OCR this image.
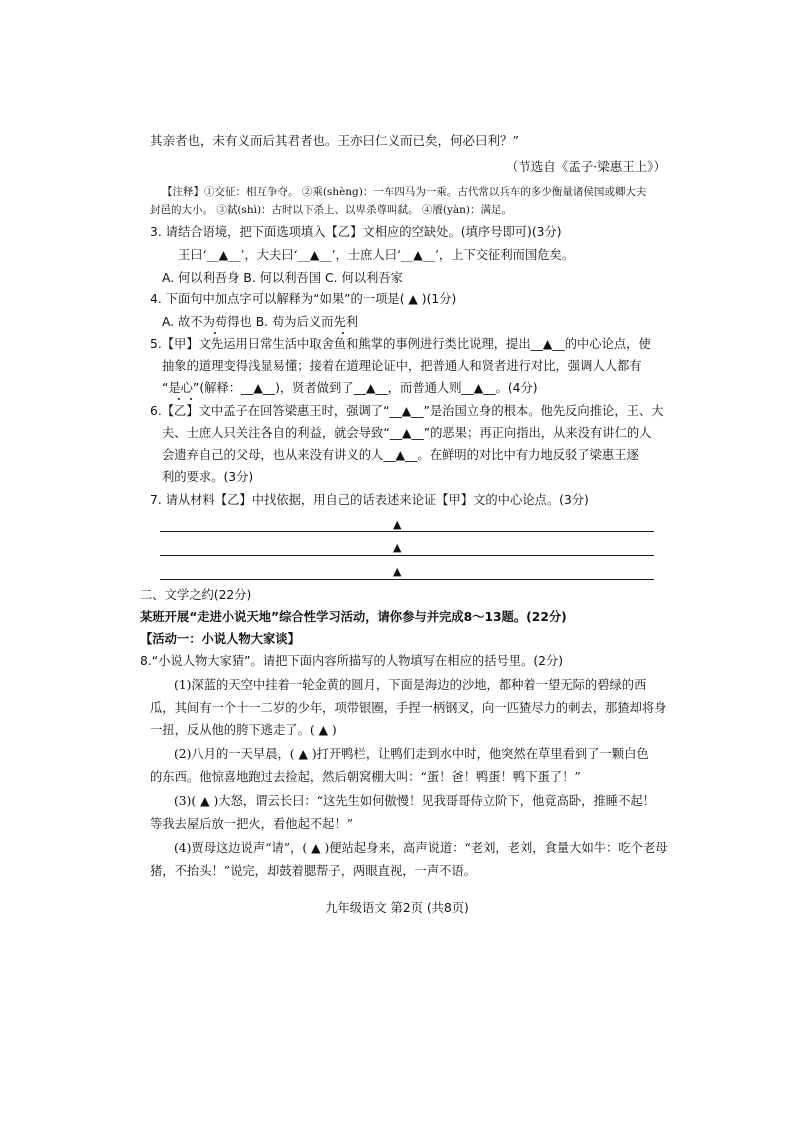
其亲者也，未有义而后其君者也。王亦曰仁义而已矣，何必曰利？”
（节选自《孟子·梁惠王上》）
【注释】①交征：相互争夺。 ②乘(shèng)：一车四马为一乘。古代常以兵车的多少衡量诸侯国或卿大夫
封邑的大小。 ③弑(shì)：古时以下杀上、以卑杀尊叫弑。 ④餍(yàn)：满足。
3. 请结合语境，把下面选项填入【乙】文相应的空缺处。(填序号即可)(3分)
王曰‘__▲__’，大夫曰‘__▲__’，士庶人曰‘__▲__’，上下交征利而国危矣。
A. 何以利吾身 B. 何以利吾国 C. 何以利吾家
4. 下面句中加点字可以解释为“如果”的一项是( ▲ )(1分)
A. 故不为苟得也 B. 苟为后义而先利
5.【甲】文先运用日常生活中取舍鱼和熊掌的事例进行类比说理，提出__▲__的中心论点，使
抽象的道理变得浅显易懂；接着在道理论证中，把普通人和贤者进行对比，强调人人都有
“是心”(解释：__▲__)，贤者做到了__▲__，而普通人则__▲__。(4分)
6.【乙】文中孟子在回答梁惠王时，强调了“__▲__”是治国立身的根本。他先反向推论，王、大
夫、士庶人只关注各自的利益，就会导致“__▲__”的恶果；再正向指出，从来没有讲仁的人
会遗弃自己的父母，也从来没有讲义的人__▲__。在鲜明的对比中有力地反驳了梁惠王逐
利的要求。(3分)
7. 请从材料【乙】中找依据，用自己的话表述来论证【甲】文的中心论点。(3分)
▲
▲
▲
二、文学之约(22分)
某班开展“走进小说天地”综合性学习活动，请你参与并完成8～13题。(22分)
【活动一：小说人物大家谈】
8.“小说人物大家猜”。请把下面内容所描写的人物填写在相应的括号里。(2分)
(1)深蓝的天空中挂着一轮金黄的圆月，下面是海边的沙地，都种着一望无际的碧绿的西
瓜，其间有一个十一二岁的少年，项带银圈，手捏一柄钢叉，向一匹猹尽力的刺去，那猹却将身
一扭，反从他的胯下逃走了。( ▲ )
(2)八月的一天早晨，( ▲ )打开鸭栏，让鸭们走到水中时，他突然在草里看到了一颗白色
的东西。他惊喜地跑过去捡起，然后朝窝棚大叫：“蛋！爸！鸭蛋！鸭下蛋了！”
(3)( ▲ )大怒，谓云长曰：“这先生如何傲慢！见我哥哥侍立阶下，他竟高卧，推睡不起！
等我去屋后放一把火，看他起不起！”
(4)贾母这边说声“请”，( ▲ )便站起身来，高声说道：“老刘，老刘，食量大如牛：吃个老母
猪，不抬头！”说完，却鼓着腮帮子，两眼直视，一声不语。
九年级语文 第2页 (共8页)
